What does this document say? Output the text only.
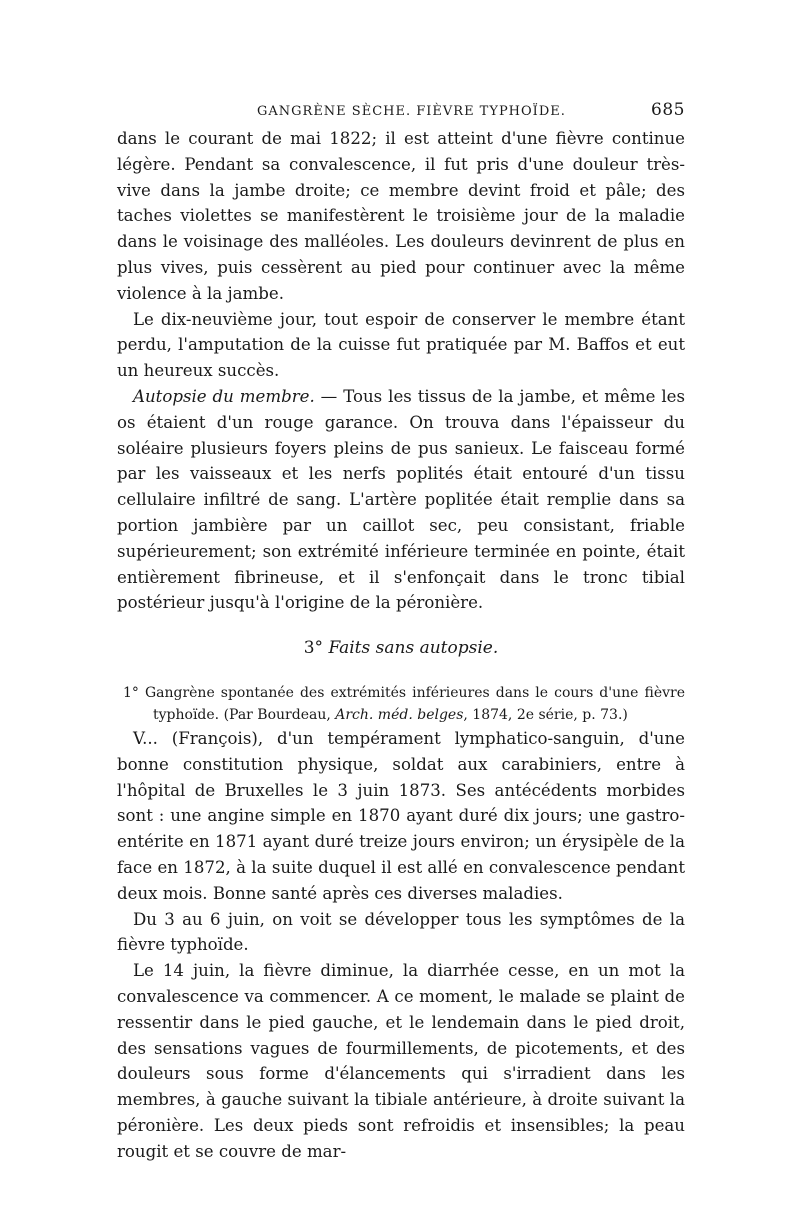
GANGRÈNE SÈCHE. FIÈVRE TYPHOÏDE.	685

dans le courant de mai 1822; il est atteint d'une fièvre continue légère. Pendant sa convalescence, il fut pris d'une douleur très-vive dans la jambe droite; ce membre devint froid et pâle; des taches violettes se manifestèrent le troisième jour de la maladie dans le voisinage des malléoles. Les douleurs devinrent de plus en plus vives, puis cessèrent au pied pour continuer avec la même violence à la jambe.

Le dix-neuvième jour, tout espoir de conserver le membre étant perdu, l'amputation de la cuisse fut pratiquée par M. Baffos et eut un heureux succès.

Autopsie du membre. — Tous les tissus de la jambe, et même les os étaient d'un rouge garance. On trouva dans l'épaisseur du soléaire plusieurs foyers pleins de pus sanieux. Le faisceau formé par les vaisseaux et les nerfs poplités était entouré d'un tissu cellulaire infiltré de sang. L'artère poplitée était remplie dans sa portion jambière par un caillot sec, peu consistant, friable supérieurement; son extrémité inférieure terminée en pointe, était entièrement fibrineuse, et il s'enfonçait dans le tronc tibial postérieur jusqu'à l'origine de la péronière.

3° Faits sans autopsie.

1° Gangrène spontanée des extrémités inférieures dans le cours d'une fièvre typhoïde. (Par Bourdeau, Arch. méd. belges, 1874, 2e série, p. 73.)

V... (François), d'un tempérament lymphatico-sanguin, d'une bonne constitution physique, soldat aux carabiniers, entre à l'hôpital de Bruxelles le 3 juin 1873. Ses antécédents morbides sont : une angine simple en 1870 ayant duré dix jours; une gastro-entérite en 1871 ayant duré treize jours environ; un érysipèle de la face en 1872, à la suite duquel il est allé en convalescence pendant deux mois. Bonne santé après ces diverses maladies.

Du 3 au 6 juin, on voit se développer tous les symptômes de la fièvre typhoïde.

Le 14 juin, la fièvre diminue, la diarrhée cesse, en un mot la convalescence va commencer. A ce moment, le malade se plaint de ressentir dans le pied gauche, et le lendemain dans le pied droit, des sensations vagues de fourmillements, de picotements, et des douleurs sous forme d'élancements qui s'irradient dans les membres, à gauche suivant la tibiale antérieure, à droite suivant la péronière. Les deux pieds sont refroidis et insensibles; la peau rougit et se couvre de mar-
